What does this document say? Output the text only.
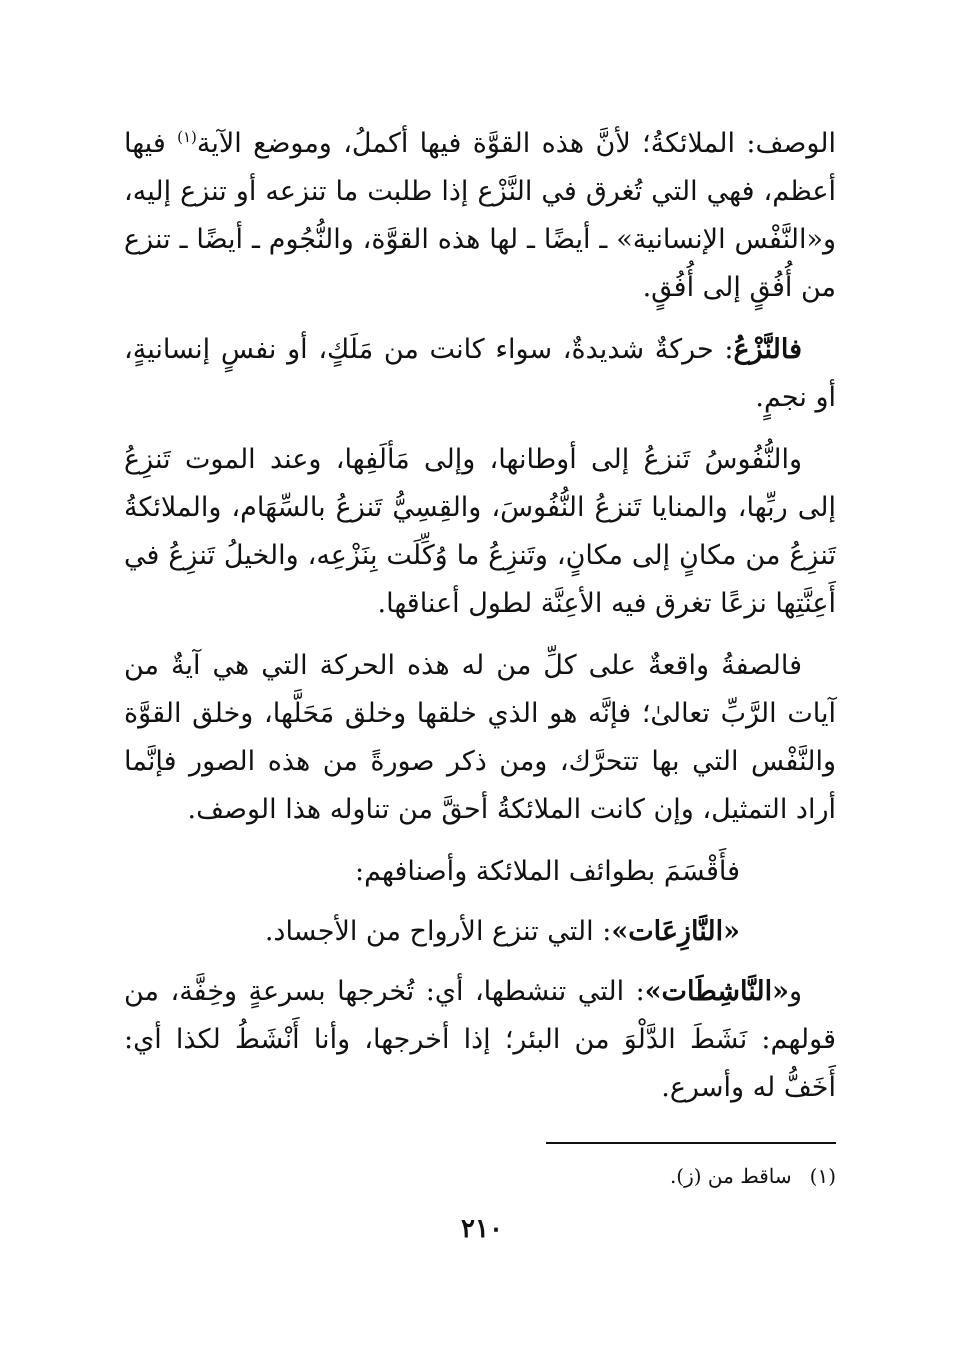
الوصف: الملائكةُ؛ لأنَّ هذه القوَّة فيها أكملُ، وموضع الآية$^{(١)}$ فيها أعظم، فهي التي تُغرق في النَّزْع إذا طلبت ما تنزعه أو تنزع إليه، و«النَّفْس الإنسانية» ـ أيضًا ـ لها هذه القوَّة، والنُّجُوم ـ أيضًا ـ تنزع من أُفُقٍ إلى أُفُقٍ.

فالنَّزْعُ: حركةٌ شديدةٌ، سواء كانت من مَلَكٍ، أو نفسٍ إنسانيةٍ، أو نجمٍ.

والنُّفُوسُ تَنزعُ إلى أوطانها، وإلى مَألَفِها، وعند الموت تَنزِعُ إلى ربِّها، والمنايا تَنزعُ النُّفُوسَ، والقِسِيُّ تَنزعُ بالسِّهَام، والملائكةُ تَنزِعُ من مكانٍ إلى مكانٍ، وتَنزِعُ ما وُكِّلَت بِنَزْعِه، والخيلُ تَنزِعُ في أَعِنَّتِها نزعًا تغرق فيه الأعِنَّة لطول أعناقها.

فالصفةُ واقعةٌ على كلِّ من له هذه الحركة التي هي آيةٌ من آيات الرَّبِّ تعالىٰ؛ فإنَّه هو الذي خلقها وخلق مَحَلَّها، وخلق القوَّة والنَّفْس التي بها تتحرَّك، ومن ذكر صورةً من هذه الصور فإنَّما أراد التمثيل، وإن كانت الملائكةُ أحقَّ من تناوله هذا الوصف.

فأَقْسَمَ بطوائف الملائكة وأصنافهم:

«النَّازِعَات»: التي تنزع الأرواح من الأجساد.

و«النَّاشِطَات»: التي تنشطها، أي: تُخرجها بسرعةٍ وخِفَّة، من قولهم: نَشَطَ الدَّلْوَ من البئر؛ إذا أخرجها، وأنا أَنْشَطُ لكذا أي: أَخَفُّ له وأسرع.

(١)ساقط من (ز).
٢١٠
